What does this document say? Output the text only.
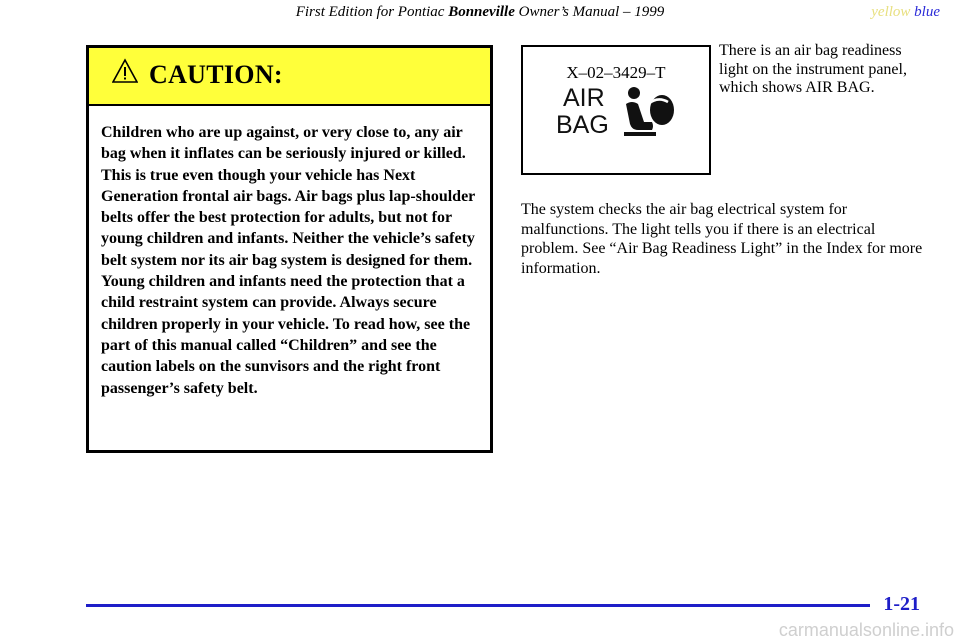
First Edition for Pontiac Bonneville Owner’s Manual – 1999	yellow blue
CAUTION:
Children who are up against, or very close to, any air bag when it inflates can be seriously injured or killed. This is true even though your vehicle has Next Generation frontal air bags. Air bags plus lap-shoulder belts offer the best protection for adults, but not for young children and infants. Neither the vehicle’s safety belt system nor its air bag system is designed for them. Young children and infants need the protection that a child restraint system can provide. Always secure children properly in your vehicle. To read how, see the part of this manual called “Children” and see the caution labels on the sunvisors and the right front passenger’s safety belt.
X–02–3429–T
AIR
BAG
There is an air bag readiness light on the instrument panel, which shows AIR BAG.
The system checks the air bag electrical system for malfunctions. The light tells you if there is an electrical problem. See “Air Bag Readiness Light” in the Index for more information.
1-21
carmanualsonline.info
